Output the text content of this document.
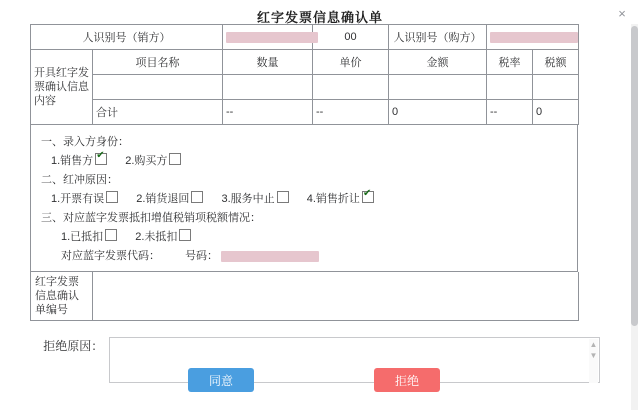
红字发票信息确认单	×
人识别号（销方）			00	人识别号（购方）		
开具红字发票确认信息内容	项目名称	数量	单价	金额	税率	税额

	合计	--	--	0	--	0
一、录入方身份：
1.销售方 ✔	2.购买方
二、红冲原因：
1.开票有误	2.销货退回	3.服务中止	4.销售折让✔
三、对应蓝字发票抵扣增值税销项税额情况：
1.已抵扣	2.未抵扣
对应蓝字发票代码： 号码：
红字发票信息确认单编号	
拒绝原因：	▲
▼
同意	拒绝
